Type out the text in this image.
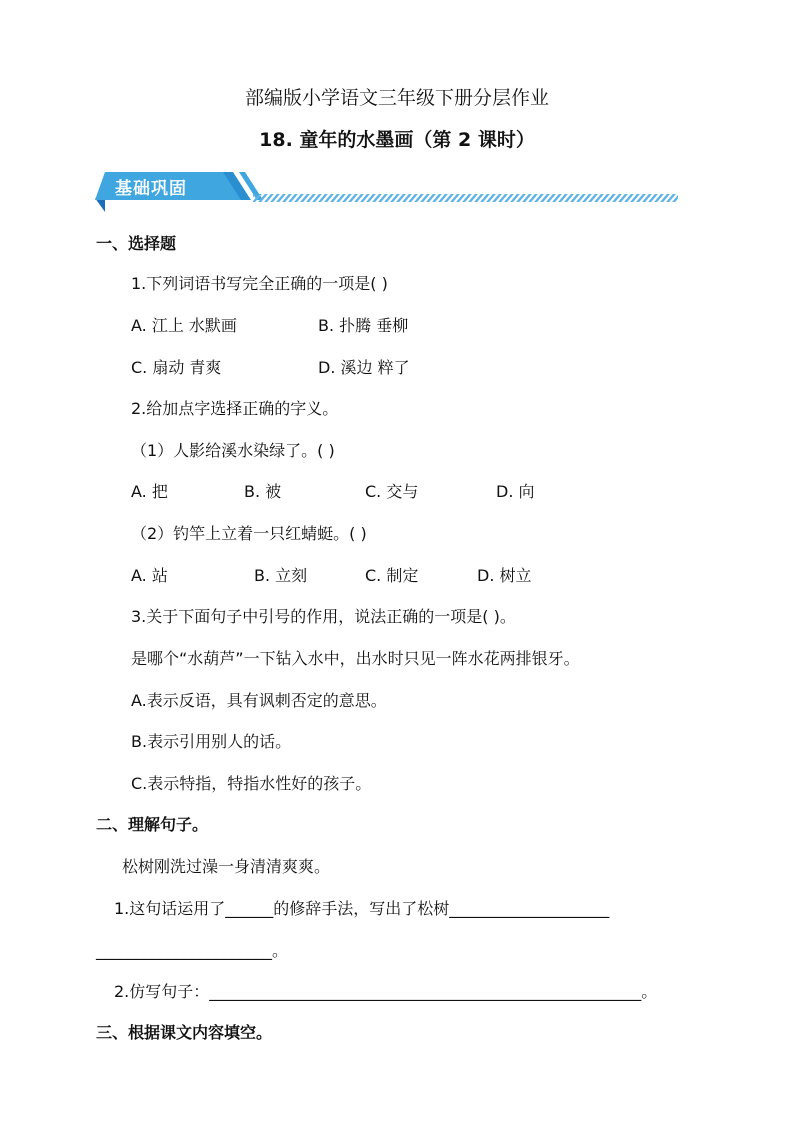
部编版小学语文三年级下册分层作业
18. 童年的水墨画（第 2 课时）
基础巩固
一、选择题
1.下列词语书写完全正确的一项是( )
A. 江上 水默画	B. 扑腾 垂柳
C. 扇动 青爽	D. 溪边 粹了
2.给加点字选择正确的字义。
（1）人影给溪水染绿了。( )
A. 把	B. 被	C. 交与	D. 向
（2）钓竿上立着一只红蜻蜓。( )
A. 站	B. 立刻	C. 制定	D. 树立
3.关于下面句子中引号的作用，说法正确的一项是( )。
是哪个“水葫芦”一下钻入水中，出水时只见一阵水花两排银牙。
A.表示反语，具有讽刺否定的意思。
B.表示引用别人的话。
C.表示特指，特指水性好的孩子。
二、理解句子。
松树刚洗过澡一身清清爽爽。
1.这句话运用了______的修辞手法，写出了松树____________________
______________________。
2.仿写句子：______________________________________________________。
三、根据课文内容填空。
